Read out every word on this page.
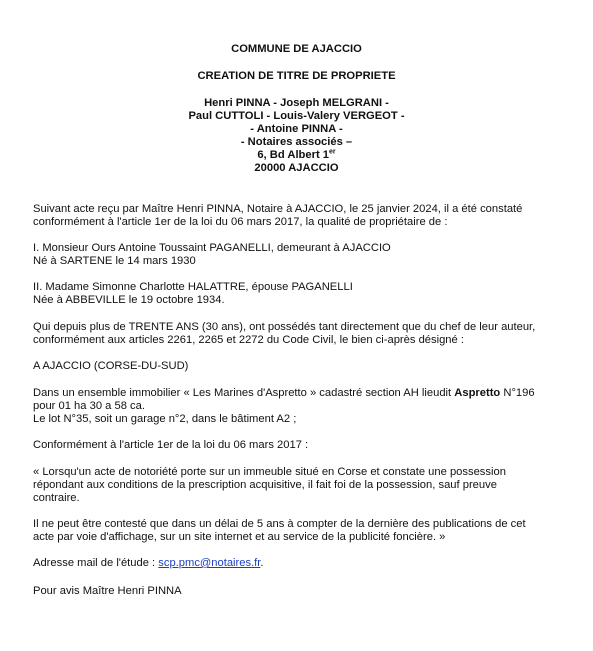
COMMUNE DE AJACCIO
CREATION DE TITRE DE PROPRIETE
Henri PINNA - Joseph MELGRANI -
Paul CUTTOLI - Louis-Valery VERGEOT -
- Antoine PINNA -
- Notaires associés –
6, Bd Albert 1er
20000 AJACCIO
Suivant acte reçu par Maître Henri PINNA, Notaire à AJACCIO, le 25 janvier 2024, il a été constaté
conformément à l'article 1er de la loi du 06 mars 2017, la qualité de propriétaire de :
I. Monsieur Ours Antoine Toussaint PAGANELLI, demeurant à AJACCIO
Né à SARTENE le 14 mars 1930
II. Madame Simonne Charlotte HALATTRE, épouse PAGANELLI
Née à ABBEVILLE le 19 octobre 1934.
Qui depuis plus de TRENTE ANS (30 ans), ont possédés tant directement que du chef de leur auteur,
conformément aux articles 2261, 2265 et 2272 du Code Civil, le bien ci-après désigné :
A AJACCIO (CORSE-DU-SUD)
Dans un ensemble immobilier « Les Marines d'Aspretto » cadastré section AH lieudit Aspretto N°196
pour 01 ha 30 a 58 ca.
Le lot N°35, soit un garage n°2, dans le bâtiment A2 ;
Conformément à l'article 1er de la loi du 06 mars 2017 :
« Lorsqu'un acte de notoriété porte sur un immeuble situé en Corse et constate une possession
répondant aux conditions de la prescription acquisitive, il fait foi de la possession, sauf preuve
contraire.
Il ne peut être contesté que dans un délai de 5 ans à compter de la dernière des publications de cet
acte par voie d'affichage, sur un site internet et au service de la publicité foncière. »
Adresse mail de l'étude : scp.pmc@notaires.fr.
Pour avis Maître Henri PINNA
